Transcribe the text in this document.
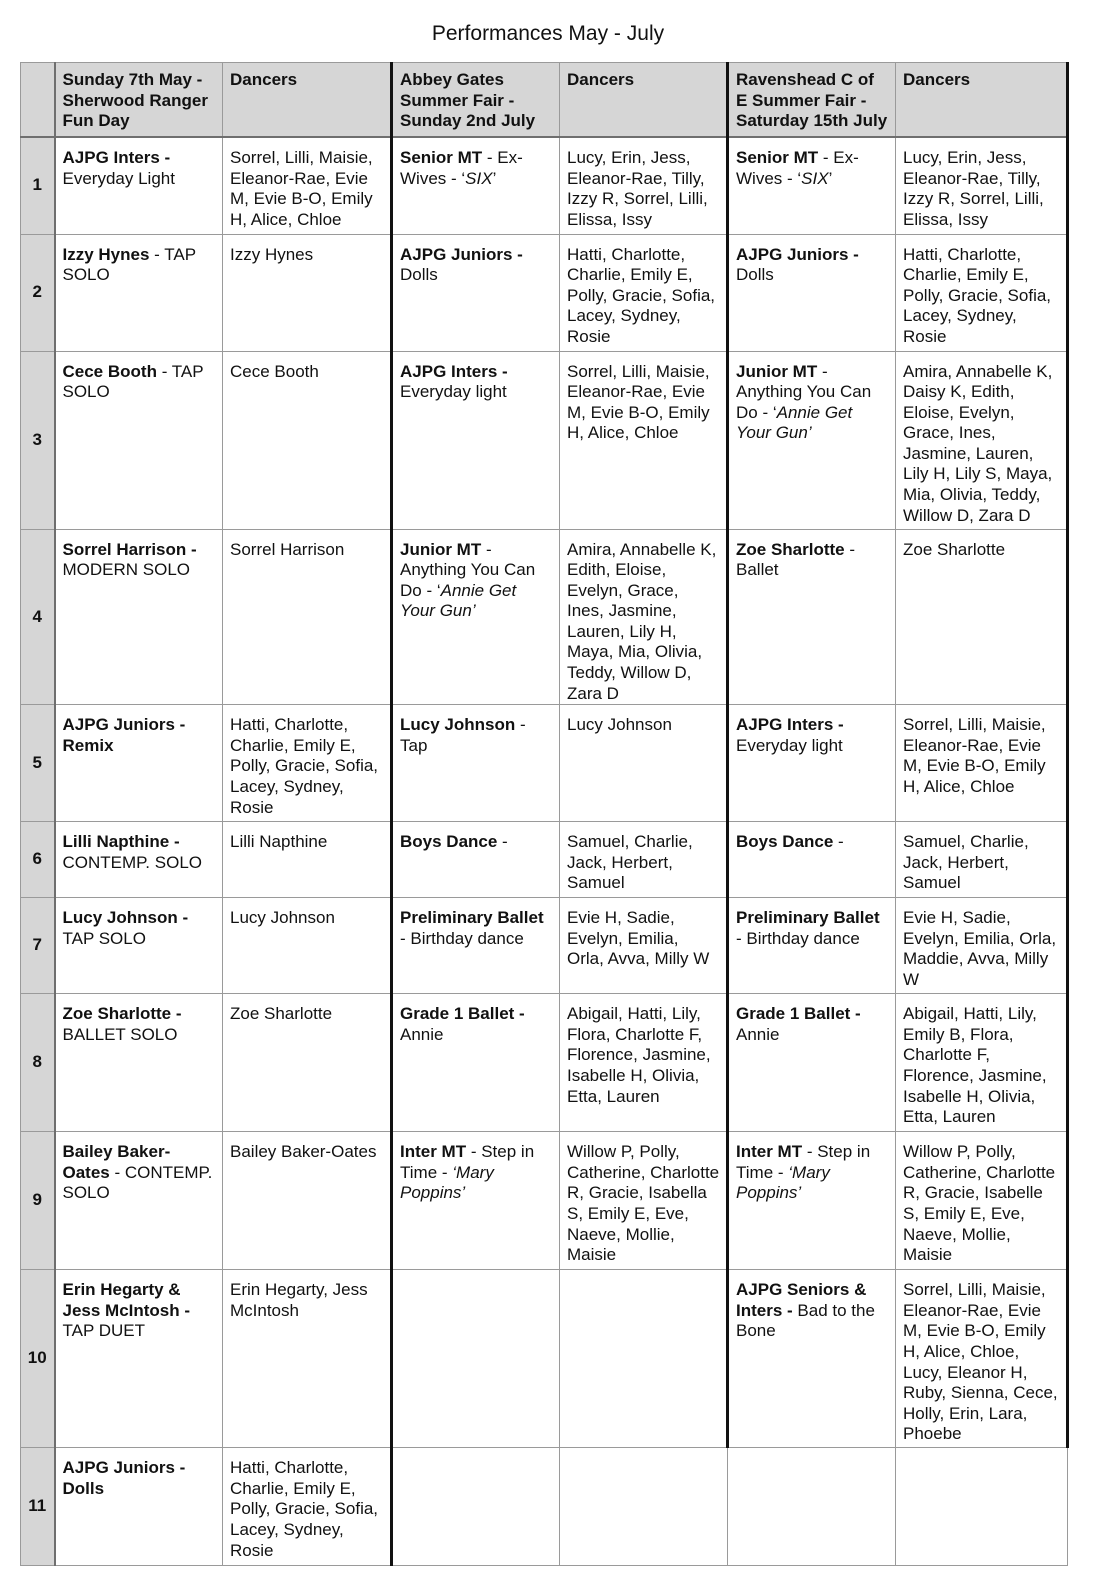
Performances May - July
	Sunday 7th May - Sherwood Ranger Fun Day	Dancers	Abbey Gates Summer Fair - Sunday 2nd July	Dancers	Ravenshead C of E Summer Fair - Saturday 15th July	Dancers
1	AJPG Inters - Everyday Light	Sorrel, Lilli, Maisie, Eleanor-Rae, Evie M, Evie B-O, Emily H, Alice, Chloe	Senior MT - Ex-Wives - ‘SIX’	Lucy, Erin, Jess, Eleanor-Rae, Tilly, Izzy R, Sorrel, Lilli, Elissa, Issy	Senior MT - Ex-Wives - ‘SIX’	Lucy, Erin, Jess, Eleanor-Rae, Tilly, Izzy R, Sorrel, Lilli, Elissa, Issy
2	Izzy Hynes - TAP SOLO	Izzy Hynes	AJPG Juniors - Dolls	Hatti, Charlotte, Charlie, Emily E, Polly, Gracie, Sofia, Lacey, Sydney, Rosie	AJPG Juniors - Dolls	Hatti, Charlotte, Charlie, Emily E, Polly, Gracie, Sofia, Lacey, Sydney, Rosie
3	Cece Booth - TAP SOLO	Cece Booth	AJPG Inters - Everyday light	Sorrel, Lilli, Maisie, Eleanor-Rae, Evie M, Evie B-O, Emily H, Alice, Chloe	Junior MT - Anything You Can Do - ‘Annie Get Your Gun’	Amira, Annabelle K, Daisy K, Edith, Eloise, Evelyn, Grace, Ines, Jasmine, Lauren, Lily H, Lily S, Maya, Mia, Olivia, Teddy, Willow D, Zara D
4	Sorrel Harrison - MODERN SOLO	Sorrel Harrison	Junior MT - Anything You Can Do - ‘Annie Get Your Gun’	Amira, Annabelle K, Edith, Eloise, Evelyn, Grace, Ines, Jasmine, Lauren, Lily H, Maya, Mia, Olivia, Teddy, Willow D, Zara D	Zoe Sharlotte - Ballet	Zoe Sharlotte
5	AJPG Juniors - Remix	Hatti, Charlotte, Charlie, Emily E, Polly, Gracie, Sofia, Lacey, Sydney, Rosie	Lucy Johnson - Tap	Lucy Johnson	AJPG Inters - Everyday light	Sorrel, Lilli, Maisie, Eleanor-Rae, Evie M, Evie B-O, Emily H, Alice, Chloe
6	Lilli Napthine - CONTEMP. SOLO	Lilli Napthine	Boys Dance -	Samuel, Charlie, Jack, Herbert, Samuel	Boys Dance -	Samuel, Charlie, Jack, Herbert, Samuel
7	Lucy Johnson - TAP SOLO	Lucy Johnson	Preliminary Ballet - Birthday dance	Evie H, Sadie, Evelyn, Emilia, Orla, Avva, Milly W	Preliminary Ballet - Birthday dance	Evie H, Sadie, Evelyn, Emilia, Orla, Maddie, Avva, Milly W
8	Zoe Sharlotte - BALLET SOLO	Zoe Sharlotte	Grade 1 Ballet - Annie	Abigail, Hatti, Lily, Flora, Charlotte F, Florence, Jasmine, Isabelle H, Olivia, Etta, Lauren	Grade 1 Ballet - Annie	Abigail, Hatti, Lily, Emily B, Flora, Charlotte F, Florence, Jasmine, Isabelle H, Olivia, Etta, Lauren
9	Bailey Baker-Oates - CONTEMP. SOLO	Bailey Baker-Oates	Inter MT - Step in Time - ‘Mary Poppins’	Willow P, Polly, Catherine, Charlotte R, Gracie, Isabella S, Emily E, Eve, Naeve, Mollie, Maisie	Inter MT - Step in Time - ‘Mary Poppins’	Willow P, Polly, Catherine, Charlotte R, Gracie, Isabelle S, Emily E, Eve, Naeve, Mollie, Maisie
10	Erin Hegarty & Jess McIntosh - TAP DUET	Erin Hegarty, Jess McIntosh			AJPG Seniors & Inters - Bad to the Bone	Sorrel, Lilli, Maisie, Eleanor-Rae, Evie M, Evie B-O, Emily H, Alice, Chloe, Lucy, Eleanor H, Ruby, Sienna, Cece, Holly, Erin, Lara, Phoebe
11	AJPG Juniors - Dolls	Hatti, Charlotte, Charlie, Emily E, Polly, Gracie, Sofia, Lacey, Sydney, Rosie				
